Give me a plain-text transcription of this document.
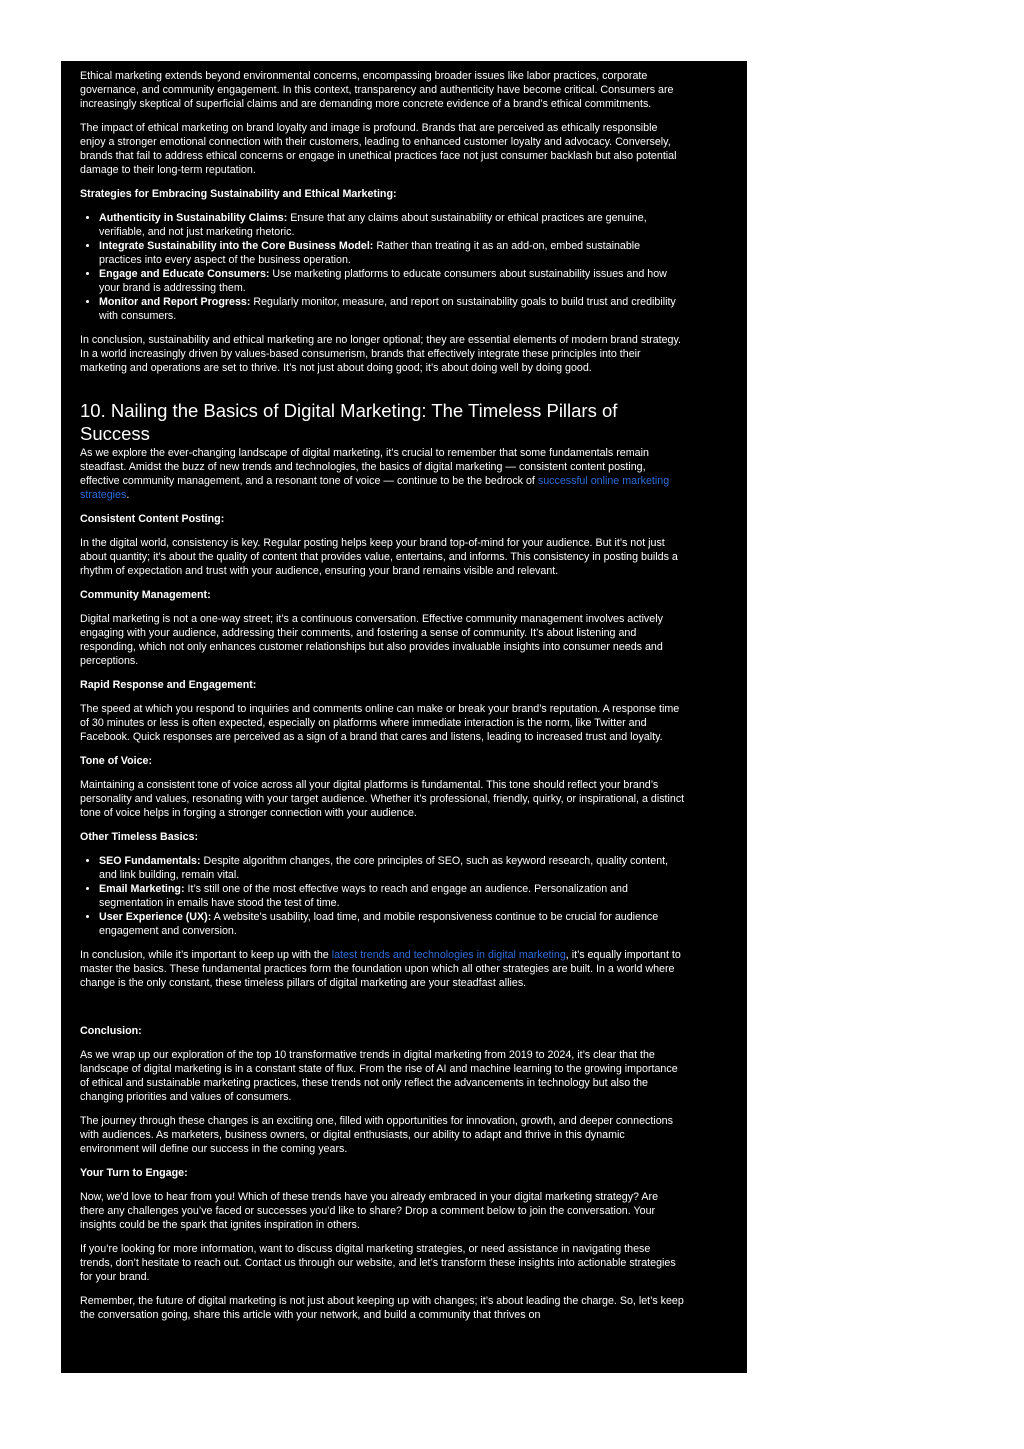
Ethical marketing extends beyond environmental concerns, encompassing broader issues like labor practices, corporate governance, and community engagement. In this context, transparency and authenticity have become critical. Consumers are increasingly skeptical of superficial claims and are demanding more concrete evidence of a brand’s ethical commitments.

The impact of ethical marketing on brand loyalty and image is profound. Brands that are perceived as ethically responsible enjoy a stronger emotional connection with their customers, leading to enhanced customer loyalty and advocacy. Conversely, brands that fail to address ethical concerns or engage in unethical practices face not just consumer backlash but also potential damage to their long-term reputation.

Strategies for Embracing Sustainability and Ethical Marketing:

• Authenticity in Sustainability Claims: Ensure that any claims about sustainability or ethical practices are genuine, verifiable, and not just marketing rhetoric.
• Integrate Sustainability into the Core Business Model: Rather than treating it as an add-on, embed sustainable practices into every aspect of the business operation.
• Engage and Educate Consumers: Use marketing platforms to educate consumers about sustainability issues and how your brand is addressing them.
• Monitor and Report Progress: Regularly monitor, measure, and report on sustainability goals to build trust and credibility with consumers.

In conclusion, sustainability and ethical marketing are no longer optional; they are essential elements of modern brand strategy. In a world increasingly driven by values-based consumerism, brands that effectively integrate these principles into their marketing and operations are set to thrive. It’s not just about doing good; it’s about doing well by doing good.

10. Nailing the Basics of Digital Marketing: The Timeless Pillars of Success

As we explore the ever-changing landscape of digital marketing, it’s crucial to remember that some fundamentals remain steadfast. Amidst the buzz of new trends and technologies, the basics of digital marketing — consistent content posting, effective community management, and a resonant tone of voice — continue to be the bedrock of successful online marketing strategies.

Consistent Content Posting:

In the digital world, consistency is key. Regular posting helps keep your brand top-of-mind for your audience. But it’s not just about quantity; it’s about the quality of content that provides value, entertains, and informs. This consistency in posting builds a rhythm of expectation and trust with your audience, ensuring your brand remains visible and relevant.

Community Management:

Digital marketing is not a one-way street; it’s a continuous conversation. Effective community management involves actively engaging with your audience, addressing their comments, and fostering a sense of community. It’s about listening and responding, which not only enhances customer relationships but also provides invaluable insights into consumer needs and perceptions.

Rapid Response and Engagement:

The speed at which you respond to inquiries and comments online can make or break your brand’s reputation. A response time of 30 minutes or less is often expected, especially on platforms where immediate interaction is the norm, like Twitter and Facebook. Quick responses are perceived as a sign of a brand that cares and listens, leading to increased trust and loyalty.

Tone of Voice:

Maintaining a consistent tone of voice across all your digital platforms is fundamental. This tone should reflect your brand’s personality and values, resonating with your target audience. Whether it’s professional, friendly, quirky, or inspirational, a distinct tone of voice helps in forging a stronger connection with your audience.

Other Timeless Basics:

• SEO Fundamentals: Despite algorithm changes, the core principles of SEO, such as keyword research, quality content, and link building, remain vital.
• Email Marketing: It’s still one of the most effective ways to reach and engage an audience. Personalization and segmentation in emails have stood the test of time.
• User Experience (UX): A website’s usability, load time, and mobile responsiveness continue to be crucial for audience engagement and conversion.

In conclusion, while it’s important to keep up with the latest trends and technologies in digital marketing, it’s equally important to master the basics. These fundamental practices form the foundation upon which all other strategies are built. In a world where change is the only constant, these timeless pillars of digital marketing are your steadfast allies.

Conclusion:

As we wrap up our exploration of the top 10 transformative trends in digital marketing from 2019 to 2024, it’s clear that the landscape of digital marketing is in a constant state of flux. From the rise of AI and machine learning to the growing importance of ethical and sustainable marketing practices, these trends not only reflect the advancements in technology but also the changing priorities and values of consumers.

The journey through these changes is an exciting one, filled with opportunities for innovation, growth, and deeper connections with audiences. As marketers, business owners, or digital enthusiasts, our ability to adapt and thrive in this dynamic environment will define our success in the coming years.

Your Turn to Engage:

Now, we’d love to hear from you! Which of these trends have you already embraced in your digital marketing strategy? Are there any challenges you’ve faced or successes you’d like to share? Drop a comment below to join the conversation. Your insights could be the spark that ignites inspiration in others.

If you’re looking for more information, want to discuss digital marketing strategies, or need assistance in navigating these trends, don’t hesitate to reach out. Contact us through our website, and let’s transform these insights into actionable strategies for your brand.

Remember, the future of digital marketing is not just about keeping up with changes; it’s about leading the charge. So, let’s keep the conversation going, share this article with your network, and build a community that thrives on
